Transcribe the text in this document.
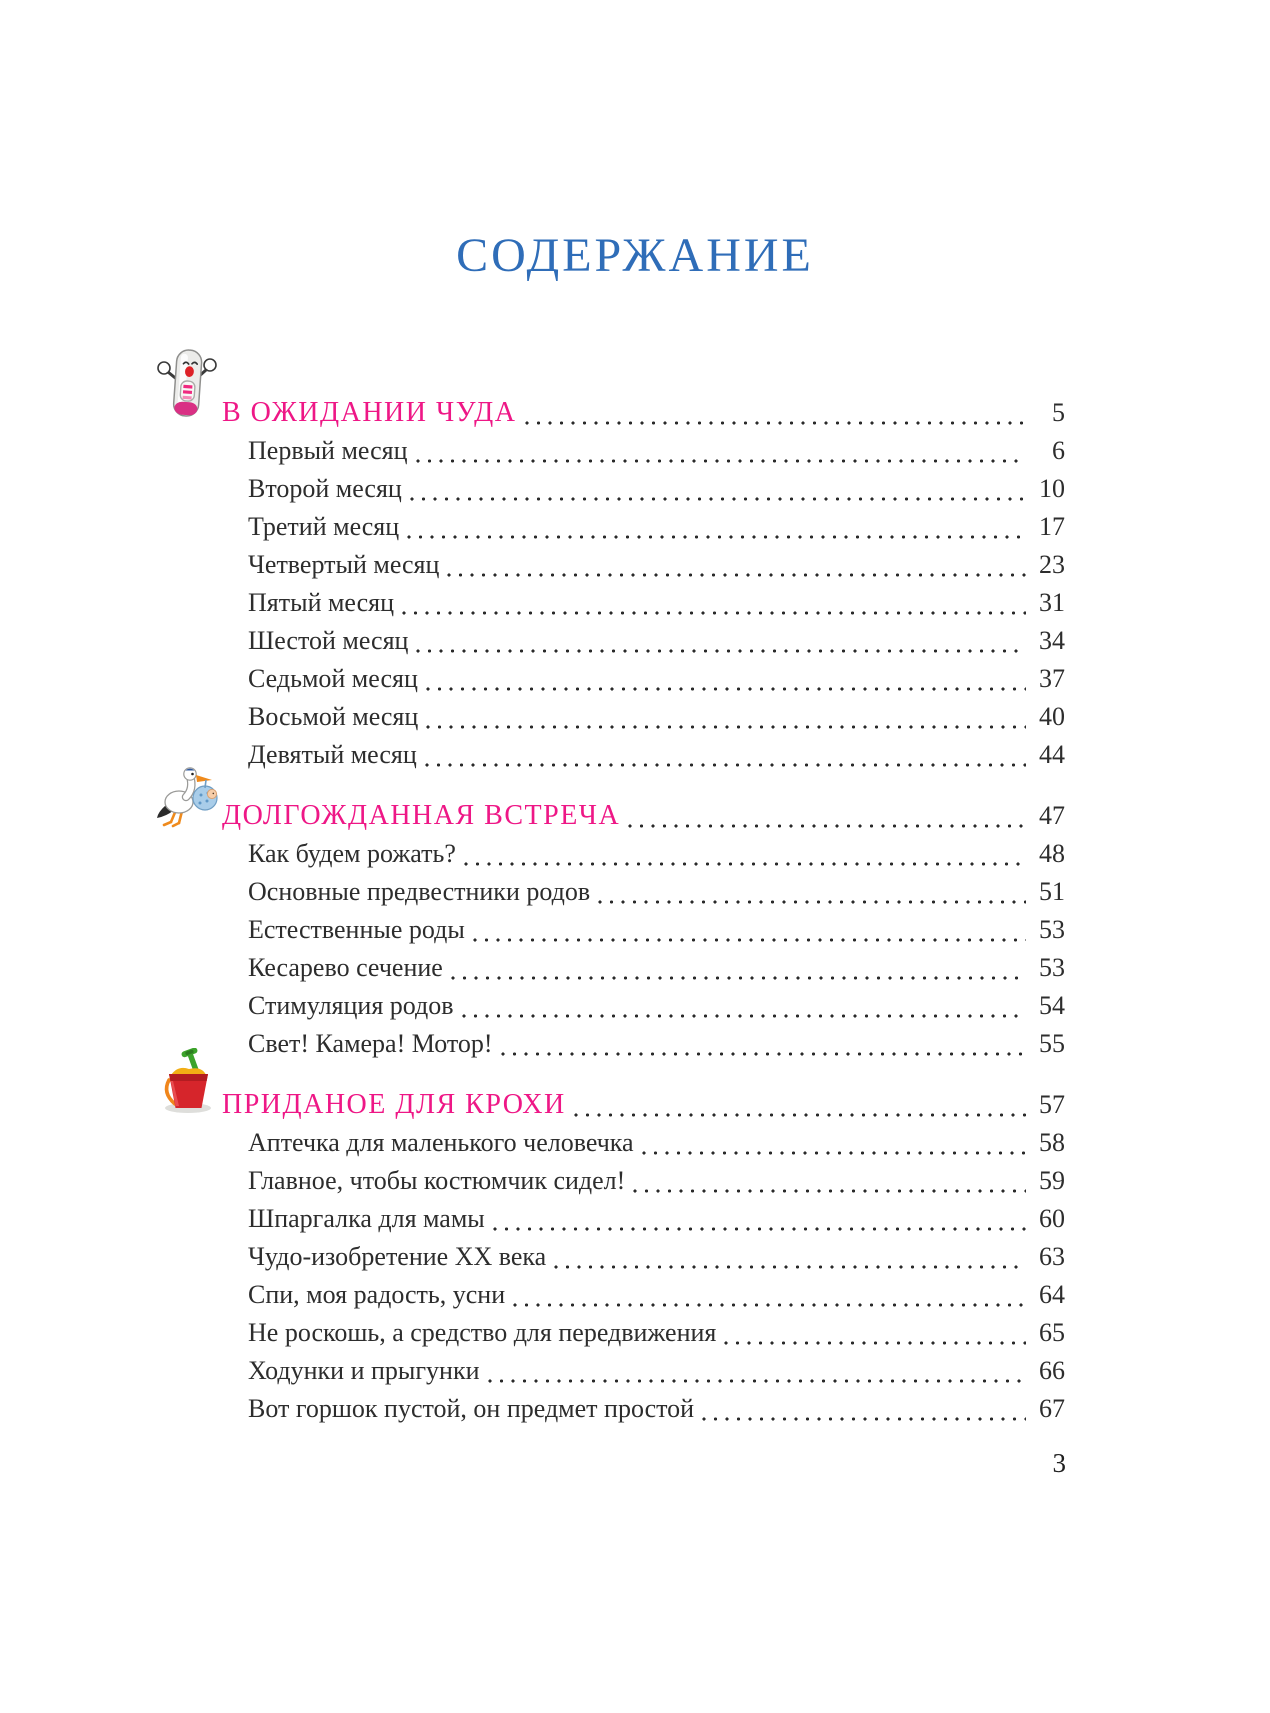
СОДЕРЖАНИЕ
В ОЖИДАНИИ ЧУДА	5
Первый месяц	6
Второй месяц	10
Третий месяц	17
Четвертый месяц	23
Пятый месяц	31
Шестой месяц	34
Седьмой месяц	37
Восьмой месяц	40
Девятый месяц	44
ДОЛГОЖДАННАЯ ВСТРЕЧА	47
Как будем рожать?	48
Основные предвестники родов	51
Естественные роды	53
Кесарево сечение	53
Стимуляция родов	54
Свет! Камера! Мотор!	55
ПРИДАНОЕ ДЛЯ КРОХИ	57
Аптечка для маленького человечка	58
Главное, чтобы костюмчик сидел!	59
Шпаргалка для мамы	60
Чудо-изобретение XX века	63
Спи, моя радость, усни	64
Не роскошь, а средство для передвижения	65
Ходунки и прыгунки	66
Вот горшок пустой, он предмет простой	67
3
